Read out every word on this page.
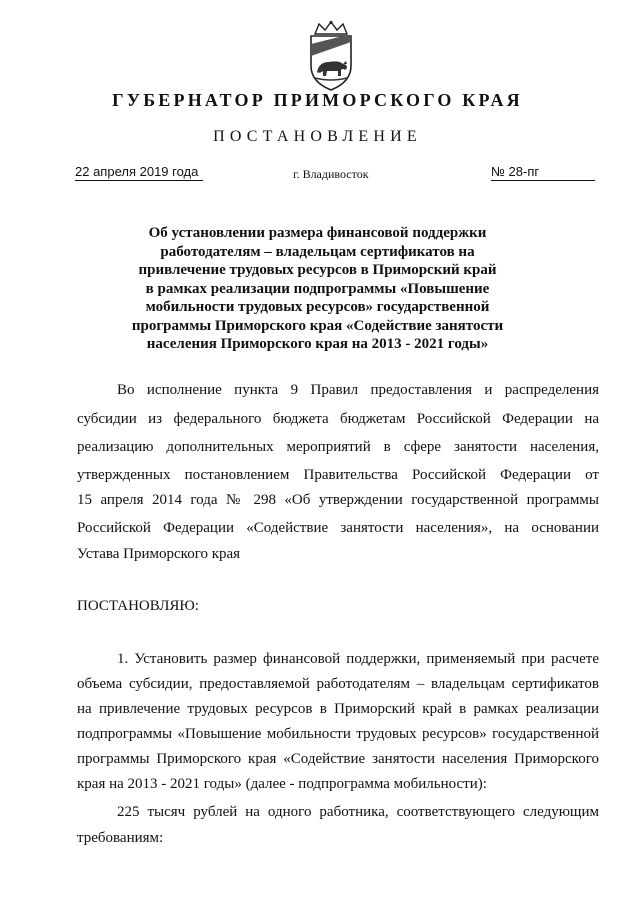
ГУБЕРНАТОР ПРИМОРСКОГО КРАЯ
ПОСТАНОВЛЕНИЕ
22 апреля 2019 года	г. Владивосток	№ 28-пг
Об установлении размера финансовой поддержки
работодателям – владельцам сертификатов на
привлечение трудовых ресурсов в Приморский край
в рамках реализации подпрограммы «Повышение
мобильности трудовых ресурсов» государственной
программы Приморского края «Содействие занятости
населения Приморского края на 2013 - 2021 годы»
Во исполнение пункта 9 Правил предоставления и распределения
субсидии из федерального бюджета бюджетам Российской Федерации на
реализацию дополнительных мероприятий в сфере занятости населения,
утвержденных постановлением Правительства Российской Федерации от
15 апреля 2014 года № 298 «Об утверждении государственной программы
Российской Федерации «Содействие занятости населения», на основании
Устава Приморского края
ПОСТАНОВЛЯЮ:
1. Установить размер финансовой поддержки, применяемый при расчете
объема субсидии, предоставляемой работодателям – владельцам сертификатов
на привлечение трудовых ресурсов в Приморский край в рамках реализации
подпрограммы «Повышение мобильности трудовых ресурсов» государственной
программы Приморского края «Содействие занятости населения Приморского
края на 2013 - 2021 годы» (далее - подпрограмма мобильности):
225 тысяч рублей на одного работника, соответствующего следующим
требованиям:
